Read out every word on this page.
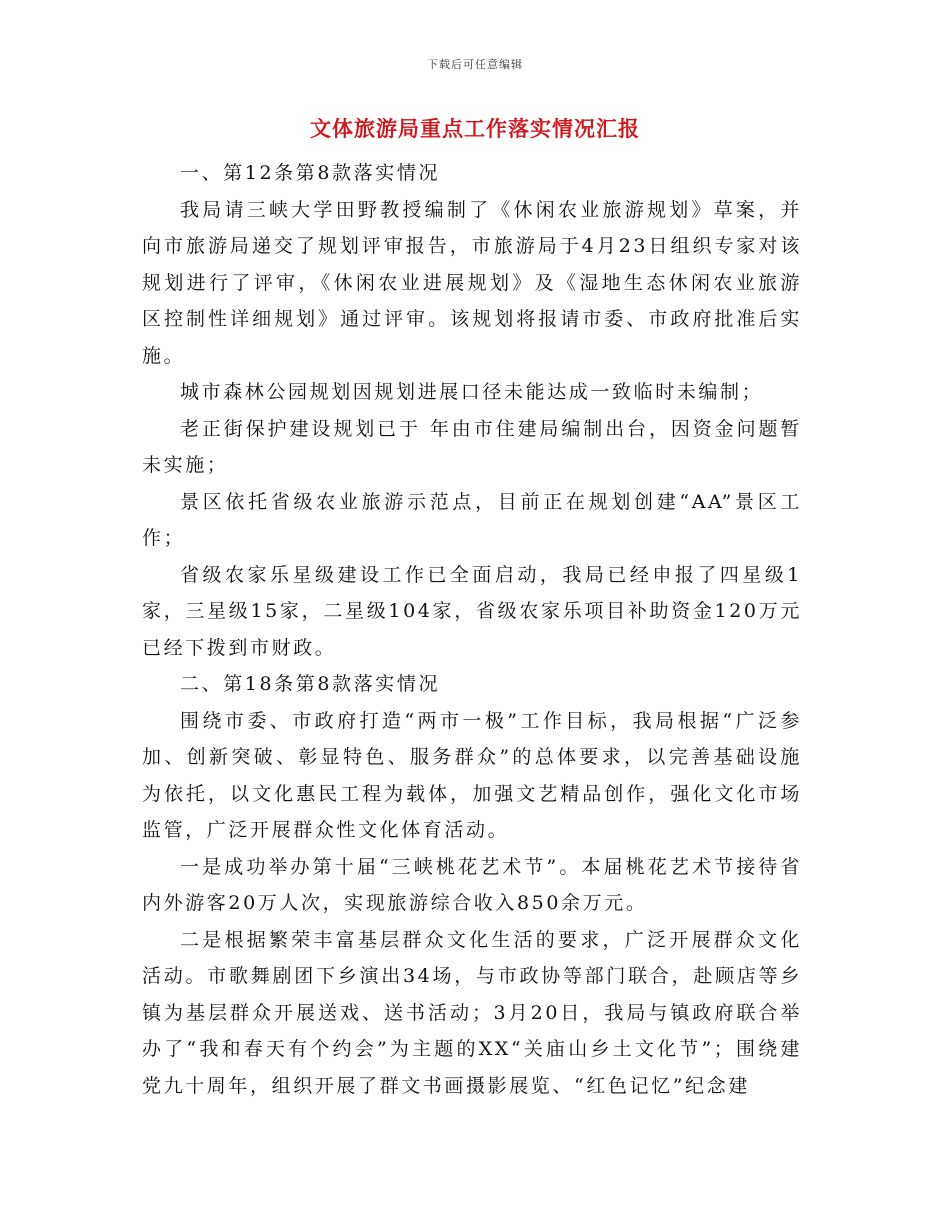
下载后可任意编辑
文体旅游局重点工作落实情况汇报

一、第12条第8款落实情况

我局请三峡大学田野教授编制了《休闲农业旅游规划》草案，并向市旅游局递交了规划评审报告，市旅游局于4月23日组织专家对该规划进行了评审，《休闲农业进展规划》及《湿地生态休闲农业旅游区控制性详细规划》通过评审。该规划将报请市委、市政府批准后实施。

城市森林公园规划因规划进展口径未能达成一致临时未编制；

老正街保护建设规划已于 年由市住建局编制出台，因资金问题暂未实施；

景区依托省级农业旅游示范点，目前正在规划创建“AA”景区工作；

省级农家乐星级建设工作已全面启动，我局已经申报了四星级1家，三星级15家，二星级104家，省级农家乐项目补助资金120万元已经下拨到市财政。

二、第18条第8款落实情况

围绕市委、市政府打造“两市一极”工作目标，我局根据“广泛参加、创新突破、彰显特色、服务群众”的总体要求，以完善基础设施为依托，以文化惠民工程为载体，加强文艺精品创作，强化文化市场监管，广泛开展群众性文化体育活动。

一是成功举办第十届“三峡桃花艺术节”。本届桃花艺术节接待省内外游客20万人次，实现旅游综合收入850余万元。

二是根据繁荣丰富基层群众文化生活的要求，广泛开展群众文化活动。市歌舞剧团下乡演出34场，与市政协等部门联合，赴顾店等乡镇为基层群众开展送戏、送书活动；3月20日，我局与镇政府联合举办了“我和春天有个约会”为主题的XX“关庙山乡土文化节”；围绕建党九十周年，组织开展了群文书画摄影展览、“红色记忆”纪念建
